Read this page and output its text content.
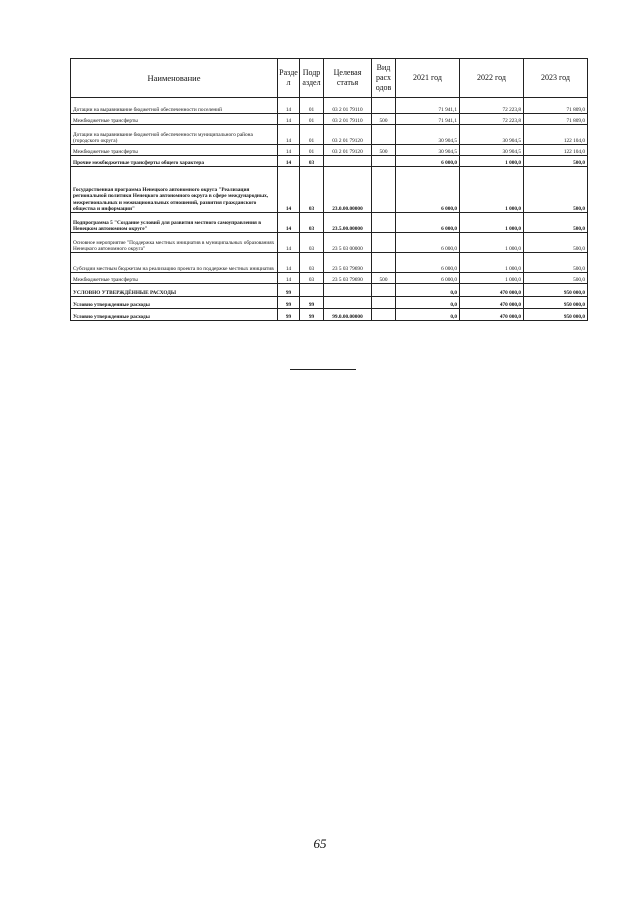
Наименование	Разде л	Подр аздел	Целевая статья	Вид расх одов	2021 год	2022 год	2023 год
Дотации на выравнивание бюджетной обеспеченности поселений	14	01	03 2 01 79110		71 941,1	72 223,8	71 809,0
Межбюджетные трансферты	14	01	03 2 01 79110	500	71 941,1	72 223,8	71 809,0
Дотации на выравнивание бюджетной обеспеченности муниципального района (городского округа)	14	01	03 2 01 79120		30 904,5	30 904,5	122 104,0
Межбюджетные трансферты	14	01	03 2 01 79120	500	30 904,5	30 904,5	122 104,0
Прочие межбюджетные трансферты общего характера	14	03			6 000,0	1 000,0	500,0
Государственная программа Ненецкого автономного округа "Реализация региональной политики Ненецкого автономного округа в сфере международных, межрегиональных и межнациональных отношений, развития гражданского общества и информации"	14	03	23.0.00.00000		6 000,0	1 000,0	500,0
Подпрограмма 5 "Создание условий для развития местного самоуправления в Ненецком автономном округе"	14	03	23.5.00.00000		6 000,0	1 000,0	500,0
Основное мероприятие "Поддержка местных инициатив в муниципальных образованиях Ненецкого автономного округа"	14	03	23 5 03 00000		6 000,0	1 000,0	500,0
Субсидии местным бюджетам на реализацию проекта по поддержке местных инициатив	14	03	23 5 03 79690		6 000,0	1 000,0	500,0
Межбюджетные трансферты	14	03	23 5 03 79690	500	6 000,0	1 000,0	500,0
УСЛОВНО УТВЕРЖДЁННЫЕ РАСХОДЫ	99				0,0	470 000,0	950 000,0
Условно утвержденные расходы	99	99			0,0	470 000,0	950 000,0
Условно утвержденные расходы	99	99	99.0.00.00000		0,0	470 000,0	950 000,0
65
